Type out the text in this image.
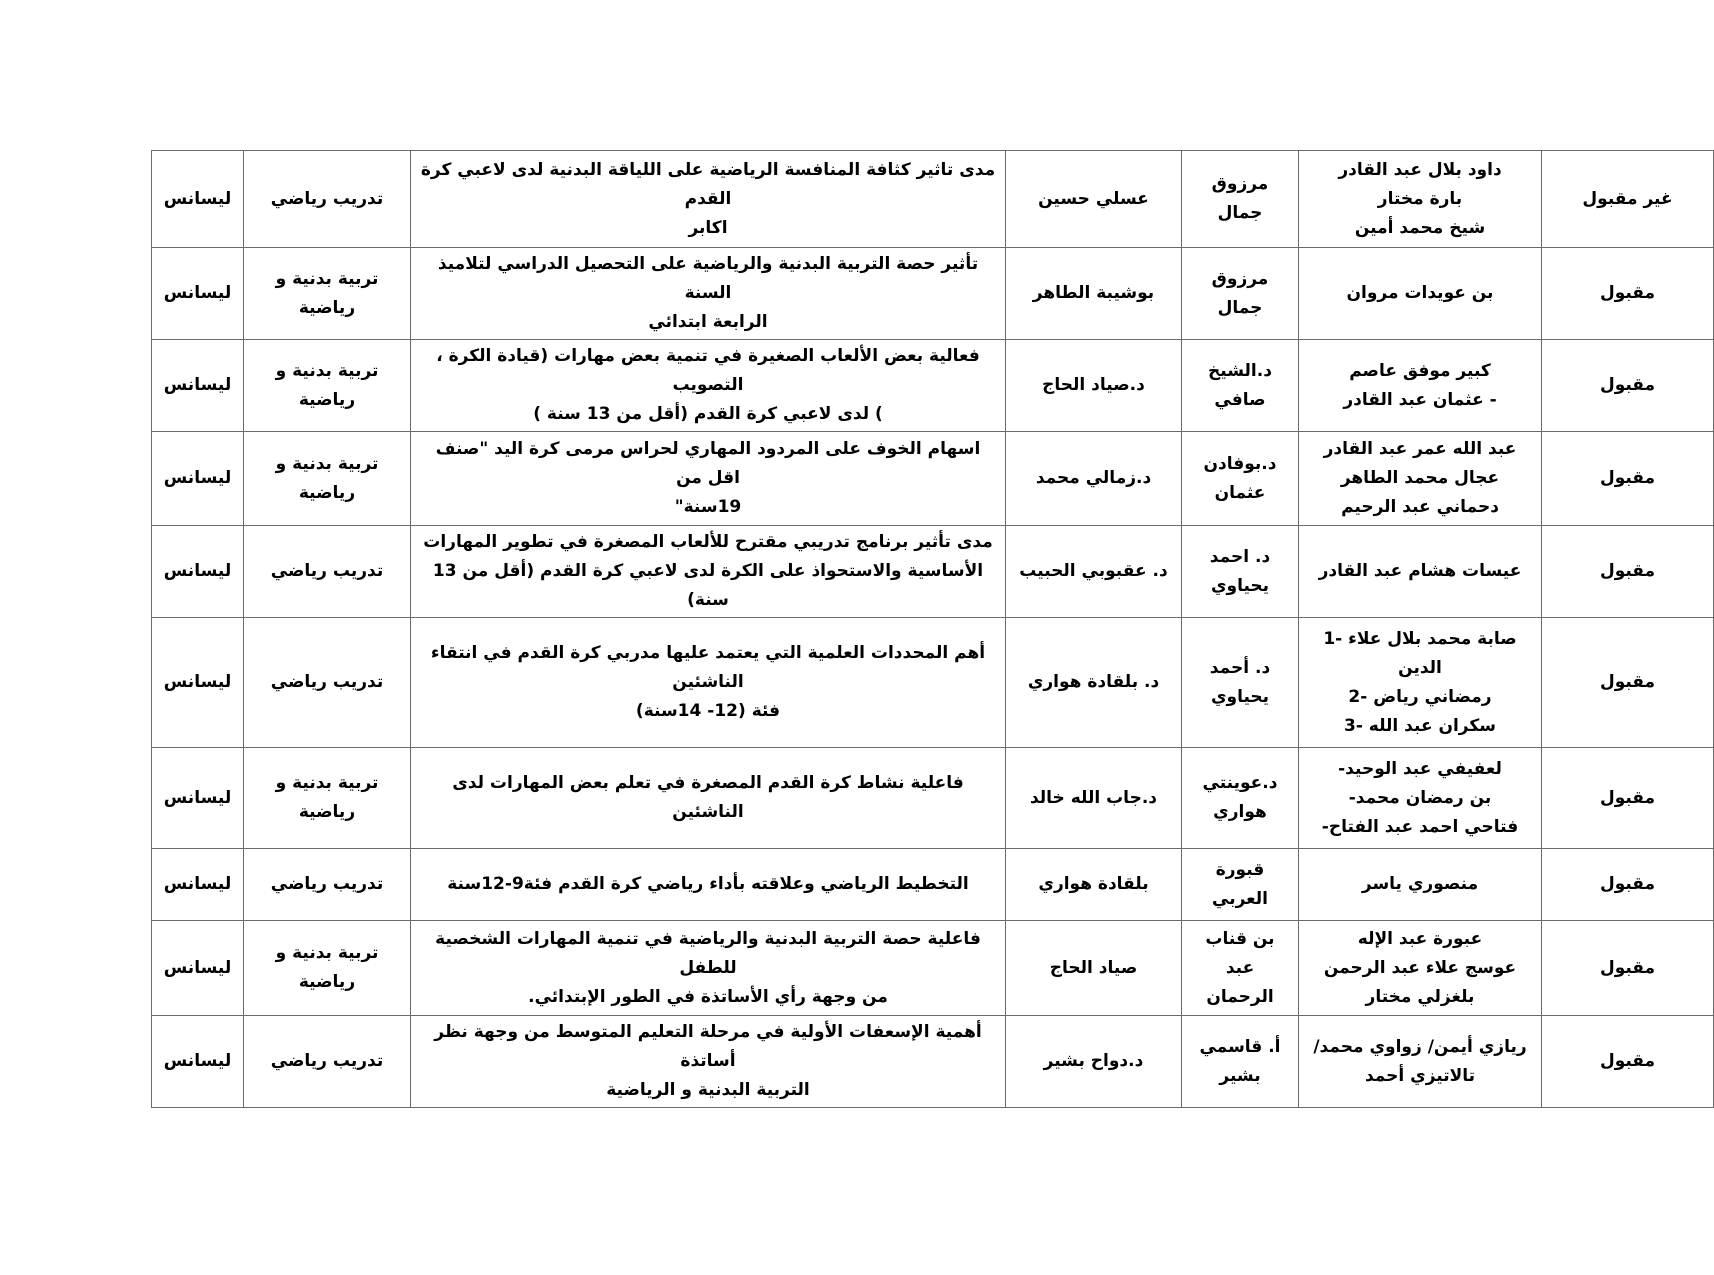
غير مقبول	داود بلال عبد القادر
بارة مختار
شيخ محمد أمين	مرزوق
جمال	عسلي حسين	مدى تاثير كثافة المنافسة الرياضية على اللياقة البدنية لدى لاعبي كرة القدم
اكابر	تدريب رياضي	ليسانس
مقبول	بن عويدات مروان	مرزوق
جمال	بوشيبة الطاهر	تأثير حصة التربية البدنية والرياضية على التحصيل الدراسي لتلاميذ السنة
الرابعة ابتدائي	تربية بدنية و
رياضية	ليسانس
مقبول	كبير موفق عاصم
- عثمان عبد القادر	د.الشيخ
صافي	د.صياد الحاج	فعالية بعض الألعاب الصغيرة في تنمية بعض مهارات (قيادة الكرة ، التصويب
) لدى لاعبي كرة القدم (أقل من 13 سنة )	تربية بدنية و
رياضية	ليسانس
مقبول	عبد الله عمر عبد القادر
عجال محمد الطاهر
دحماني عبد الرحيم	د.بوفادن
عثمان	د.زمالي محمد	اسهام الخوف على المردود المهاري لحراس مرمى كرة اليد "صنف اقل من
19سنة"	تربية بدنية و
رياضية	ليسانس
مقبول	عيسات هشام عبد القادر	د. احمد
يحياوي	د. عقبوبي الحبيب	مدى تأثير برنامج تدريبي مقترح للألعاب المصغرة في تطوير المهارات
الأساسية والاستحواذ على الكرة لدى لاعبي كرة القدم (أقل من 13 سنة)	تدريب رياضي	ليسانس
مقبول	صابة محمد بلال علاء -1
الدين
رمضاني رياض -2
سكران عبد الله -3	د. أحمد
يحياوي	د. بلقادة هواري	أهم المحددات العلمية التي يعتمد عليها مدربي كرة القدم في انتقاء الناشئين
فئة (12- 14سنة)	تدريب رياضي	ليسانس
مقبول	لعفيفي عبد الوحيد-
بن رمضان محمد-
فتاحي احمد عبد الفتاح-	د.عوينتي
هواري	د.جاب الله خالد	فاعلية نشاط كرة القدم المصغرة في تعلم بعض المهارات لدى الناشئين	تربية بدنية و
رياضية	ليسانس
مقبول	منصوري ياسر	قبورة
العربي	بلقادة هواري	التخطيط الرياضي وعلاقته بأداء رياضي كرة القدم فئة9-12سنة	تدريب رياضي	ليسانس
مقبول	عبورة عبد الإله
عوسج علاء عبد الرحمن
بلغزلي مختار	بن قناب
عبد
الرحمان	صياد الحاج	فاعلية حصة التربية البدنية والرياضية في تنمية المهارات الشخصية للطفل
من وجهة رأي الأساتذة في الطور الإبتدائي.	تربية بدنية و
رياضية	ليسانس
مقبول	ريازي أيمن/ زواوي محمد/
تالاتيزي أحمد	أ. قاسمي
بشير	د.دواح بشير	أهمية الإسعفات الأولية في مرحلة التعليم المتوسط من وجهة نظر أساتذة
التربية البدنية و الرياضية	تدريب رياضي	ليسانس
